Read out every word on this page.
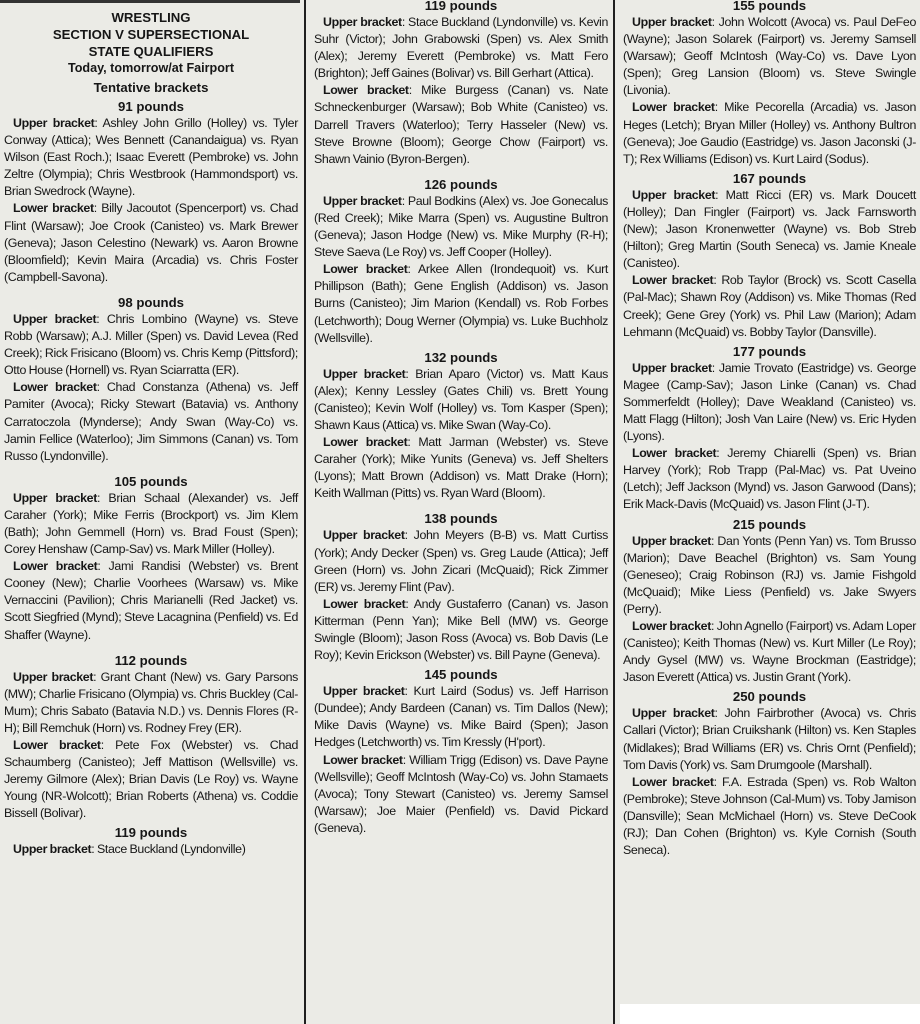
WRESTLING
SECTION V SUPERSECTIONAL
STATE QUALIFIERS
Today, tomorrow/at Fairport
Tentative brackets
91 pounds

Upper bracket: Ashley John Grillo (Holley) vs. Tyler Conway (Attica); Wes Bennett (Canandaigua) vs. Ryan Wilson (East Roch.); Isaac Everett (Pembroke) vs. John Zeltre (Olympia); Chris Westbrook (Hammondsport) vs. Brian Swedrock (Wayne).

Lower bracket: Billy Jacoutot (Spencerport) vs. Chad Flint (Warsaw); Joe Crook (Canisteo) vs. Mark Brewer (Geneva); Jason Celestino (Newark) vs. Aaron Browne (Bloomfield); Kevin Maira (Arcadia) vs. Chris Foster (Campbell-Savona).

98 pounds

Upper bracket: Chris Lombino (Wayne) vs. Steve Robb (Warsaw); A.J. Miller (Spen) vs. David Levea (Red Creek); Rick Frisicano (Bloom) vs. Chris Kemp (Pittsford); Otto House (Hornell) vs. Ryan Sciarratta (ER).

Lower bracket: Chad Constanza (Athena) vs. Jeff Pamiter (Avoca); Ricky Stewart (Batavia) vs. Anthony Carratoczola (Mynderse); Andy Swan (Way-Co) vs. Jamin Fellice (Waterloo); Jim Simmons (Canan) vs. Tom Russo (Lyndonville).

105 pounds

Upper bracket: Brian Schaal (Alexander) vs. Jeff Caraher (York); Mike Ferris (Brockport) vs. Jim Klem (Bath); John Gemmell (Horn) vs. Brad Foust (Spen); Corey Henshaw (Camp-Sav) vs. Mark Miller (Holley).

Lower bracket: Jami Randisi (Webster) vs. Brent Cooney (New); Charlie Voorhees (Warsaw) vs. Mike Vernaccini (Pavilion); Chris Marianelli (Red Jacket) vs. Scott Siegfried (Mynd); Steve Lacagnina (Penfield) vs. Ed Shaffer (Wayne).

112 pounds

Upper bracket: Grant Chant (New) vs. Gary Parsons (MW); Charlie Frisicano (Olympia) vs. Chris Buckley (Cal-Mum); Chris Sabato (Batavia N.D.) vs. Dennis Flores (R-H); Bill Remchuk (Horn) vs. Rodney Frey (ER).

Lower bracket: Pete Fox (Webster) vs. Chad Schaumberg (Canisteo); Jeff Mattison (Wellsville) vs. Jeremy Gilmore (Alex); Brian Davis (Le Roy) vs. Wayne Young (NR-Wolcott); Brian Roberts (Athena) vs. Coddie Bissell (Bolivar).

119 pounds

Upper bracket: Stace Buckland (Lyndonville)

119 pounds

Upper bracket: Stace Buckland (Lyndonville) vs. Kevin Suhr (Victor); John Grabowski (Spen) vs. Alex Smith (Alex); Jeremy Everett (Pembroke) vs. Matt Fero (Brighton); Jeff Gaines (Bolivar) vs. Bill Gerhart (Attica).

Lower bracket: Mike Burgess (Canan) vs. Nate Schneckenburger (Warsaw); Bob White (Canisteo) vs. Darrell Travers (Waterloo); Terry Hasseler (New) vs. Steve Browne (Bloom); George Chow (Fairport) vs. Shawn Vainio (Byron-Bergen).

126 pounds

Upper bracket: Paul Bodkins (Alex) vs. Joe Gonecalus (Red Creek); Mike Marra (Spen) vs. Augustine Bultron (Geneva); Jason Hodge (New) vs. Mike Murphy (R-H); Steve Saeva (Le Roy) vs. Jeff Cooper (Holley).

Lower bracket: Arkee Allen (Irondequoit) vs. Kurt Phillipson (Bath); Gene English (Addison) vs. Jason Burns (Canisteo); Jim Marion (Kendall) vs. Rob Forbes (Letchworth); Doug Werner (Olympia) vs. Luke Buchholz (Wellsville).

132 pounds

Upper bracket: Brian Aparo (Victor) vs. Matt Kaus (Alex); Kenny Lessley (Gates Chili) vs. Brett Young (Canisteo); Kevin Wolf (Holley) vs. Tom Kasper (Spen); Shawn Kaus (Attica) vs. Mike Swan (Way-Co).

Lower bracket: Matt Jarman (Webster) vs. Steve Caraher (York); Mike Yunits (Geneva) vs. Jeff Shelters (Lyons); Matt Brown (Addison) vs. Matt Drake (Horn); Keith Wallman (Pitts) vs. Ryan Ward (Bloom).

138 pounds

Upper bracket: John Meyers (B-B) vs. Matt Curtiss (York); Andy Decker (Spen) vs. Greg Laude (Attica); Jeff Green (Horn) vs. John Zicari (McQuaid); Rick Zimmer (ER) vs. Jeremy Flint (Pav).

Lower bracket: Andy Gustaferro (Canan) vs. Jason Kitterman (Penn Yan); Mike Bell (MW) vs. George Swingle (Bloom); Jason Ross (Avoca) vs. Bob Davis (Le Roy); Kevin Erickson (Webster) vs. Bill Payne (Geneva).

145 pounds

Upper bracket: Kurt Laird (Sodus) vs. Jeff Harrison (Dundee); Andy Bardeen (Canan) vs. Tim Dallos (New); Mike Davis (Wayne) vs. Mike Baird (Spen); Jason Hedges (Letchworth) vs. Tim Kressly (H'port).

Lower bracket: William Trigg (Edison) vs. Dave Payne (Wellsville); Geoff McIntosh (Way-Co) vs. John Stamaets (Avoca); Tony Stewart (Canisteo) vs. Jeremy Samsel (Warsaw); Joe Maier (Penfield) vs. David Pickard (Geneva).

155 pounds

Upper bracket: John Wolcott (Avoca) vs. Paul DeFeo (Wayne); Jason Solarek (Fairport) vs. Jeremy Samsell (Warsaw); Geoff McIntosh (Way-Co) vs. Dave Lyon (Spen); Greg Lansion (Bloom) vs. Steve Swingle (Livonia).

Lower bracket: Mike Pecorella (Arcadia) vs. Jason Heges (Letch); Bryan Miller (Holley) vs. Anthony Bultron (Geneva); Joe Gaudio (Eastridge) vs. Jason Jaconski (J-T); Rex Williams (Edison) vs. Kurt Laird (Sodus).

167 pounds

Upper bracket: Matt Ricci (ER) vs. Mark Doucett (Holley); Dan Fingler (Fairport) vs. Jack Farnsworth (New); Jason Kronenwetter (Wayne) vs. Bob Streb (Hilton); Greg Martin (South Seneca) vs. Jamie Kneale (Canisteo).

Lower bracket: Rob Taylor (Brock) vs. Scott Casella (Pal-Mac); Shawn Roy (Addison) vs. Mike Thomas (Red Creek); Gene Grey (York) vs. Phil Law (Marion); Adam Lehmann (McQuaid) vs. Bobby Taylor (Dansville).

177 pounds

Upper bracket: Jamie Trovato (Eastridge) vs. George Magee (Camp-Sav); Jason Linke (Canan) vs. Chad Sommerfeldt (Holley); Dave Weakland (Canisteo) vs. Matt Flagg (Hilton); Josh Van Laire (New) vs. Eric Hyden (Lyons).

Lower bracket: Jeremy Chiarelli (Spen) vs. Brian Harvey (York); Rob Trapp (Pal-Mac) vs. Pat Uveino (Letch); Jeff Jackson (Mynd) vs. Jason Garwood (Dans); Erik Mack-Davis (McQuaid) vs. Jason Flint (J-T).

215 pounds

Upper bracket: Dan Yonts (Penn Yan) vs. Tom Brusso (Marion); Dave Beachel (Brighton) vs. Sam Young (Geneseo); Craig Robinson (RJ) vs. Jamie Fishgold (McQuaid); Mike Liess (Penfield) vs. Jake Swyers (Perry).

Lower bracket: John Agnello (Fairport) vs. Adam Loper (Canisteo); Keith Thomas (New) vs. Kurt Miller (Le Roy); Andy Gysel (MW) vs. Wayne Brockman (Eastridge); Jason Everett (Attica) vs. Justin Grant (York).

250 pounds

Upper bracket: John Fairbrother (Avoca) vs. Chris Callari (Victor); Brian Cruikshank (Hilton) vs. Ken Staples (Midlakes); Brad Williams (ER) vs. Chris Ornt (Penfield); Tom Davis (York) vs. Sam Drumgoole (Marshall).

Lower bracket: F.A. Estrada (Spen) vs. Rob Walton (Pembroke); Steve Johnson (Cal-Mum) vs. Toby Jamison (Dansville); Sean McMichael (Horn) vs. Steve DeCook (RJ); Dan Cohen (Brighton) vs. Kyle Cornish (South Seneca).
